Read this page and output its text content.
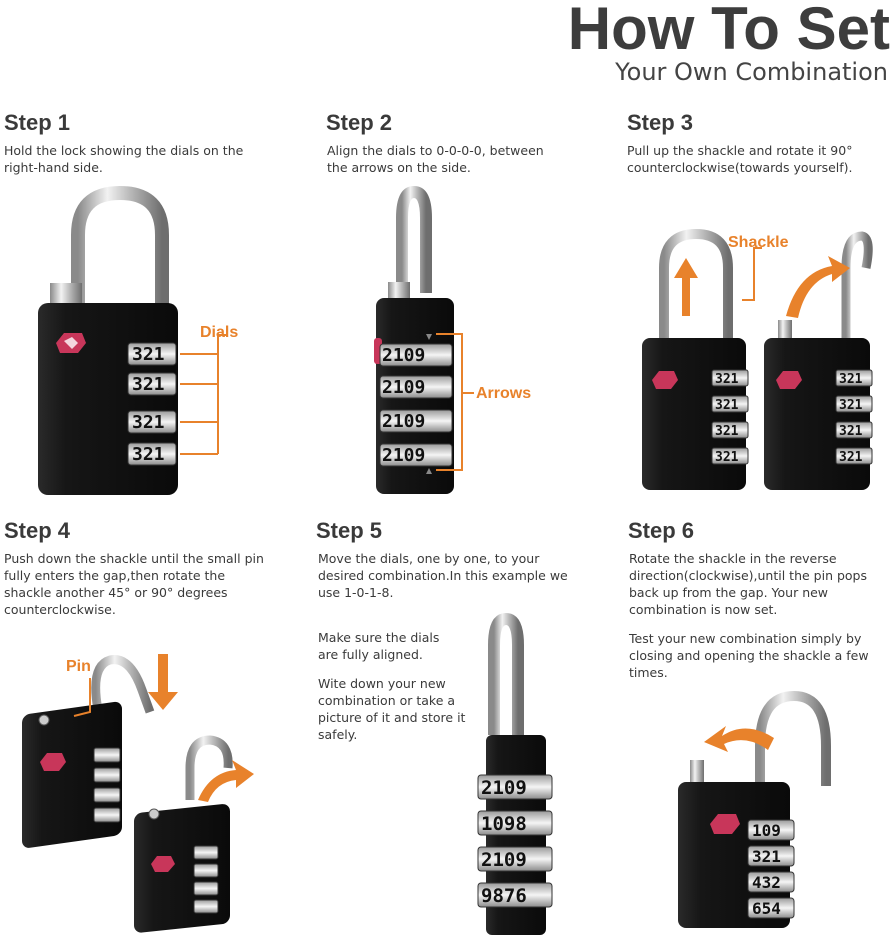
How To Set
Your Own Combination
Step 1

Hold the lock showing the dials on the right-hand side.

Step 2

Align the dials to 0-0-0-0, between the arrows on the side.

Step 3

Pull up the shackle and rotate it 90° counterclockwise(towards yourself).

Step 4

Push down the shackle until the small pin fully enters the gap,then rotate the shackle another 45° or 90° degrees counterclockwise.

Step 5

Move the dials, one by one, to your desired combination.In this example we use 1-0-1-8.

Make sure the dials are fully aligned.

Wite down your new combination or take a picture of it and store it safely.

Step 6

Rotate the shackle in the reverse direction(clockwise),until the pin pops back up from the gap. Your new combination is now set.

Test your new combination simply by closing and opening the shackle a few times.

321
321
321
321
Dials
2109
2109
2109
2109
Arrows
321
321
321
321
321
321
321
321
Shackle
Pin
2109
1098
2109
9876
109
321
432
654
